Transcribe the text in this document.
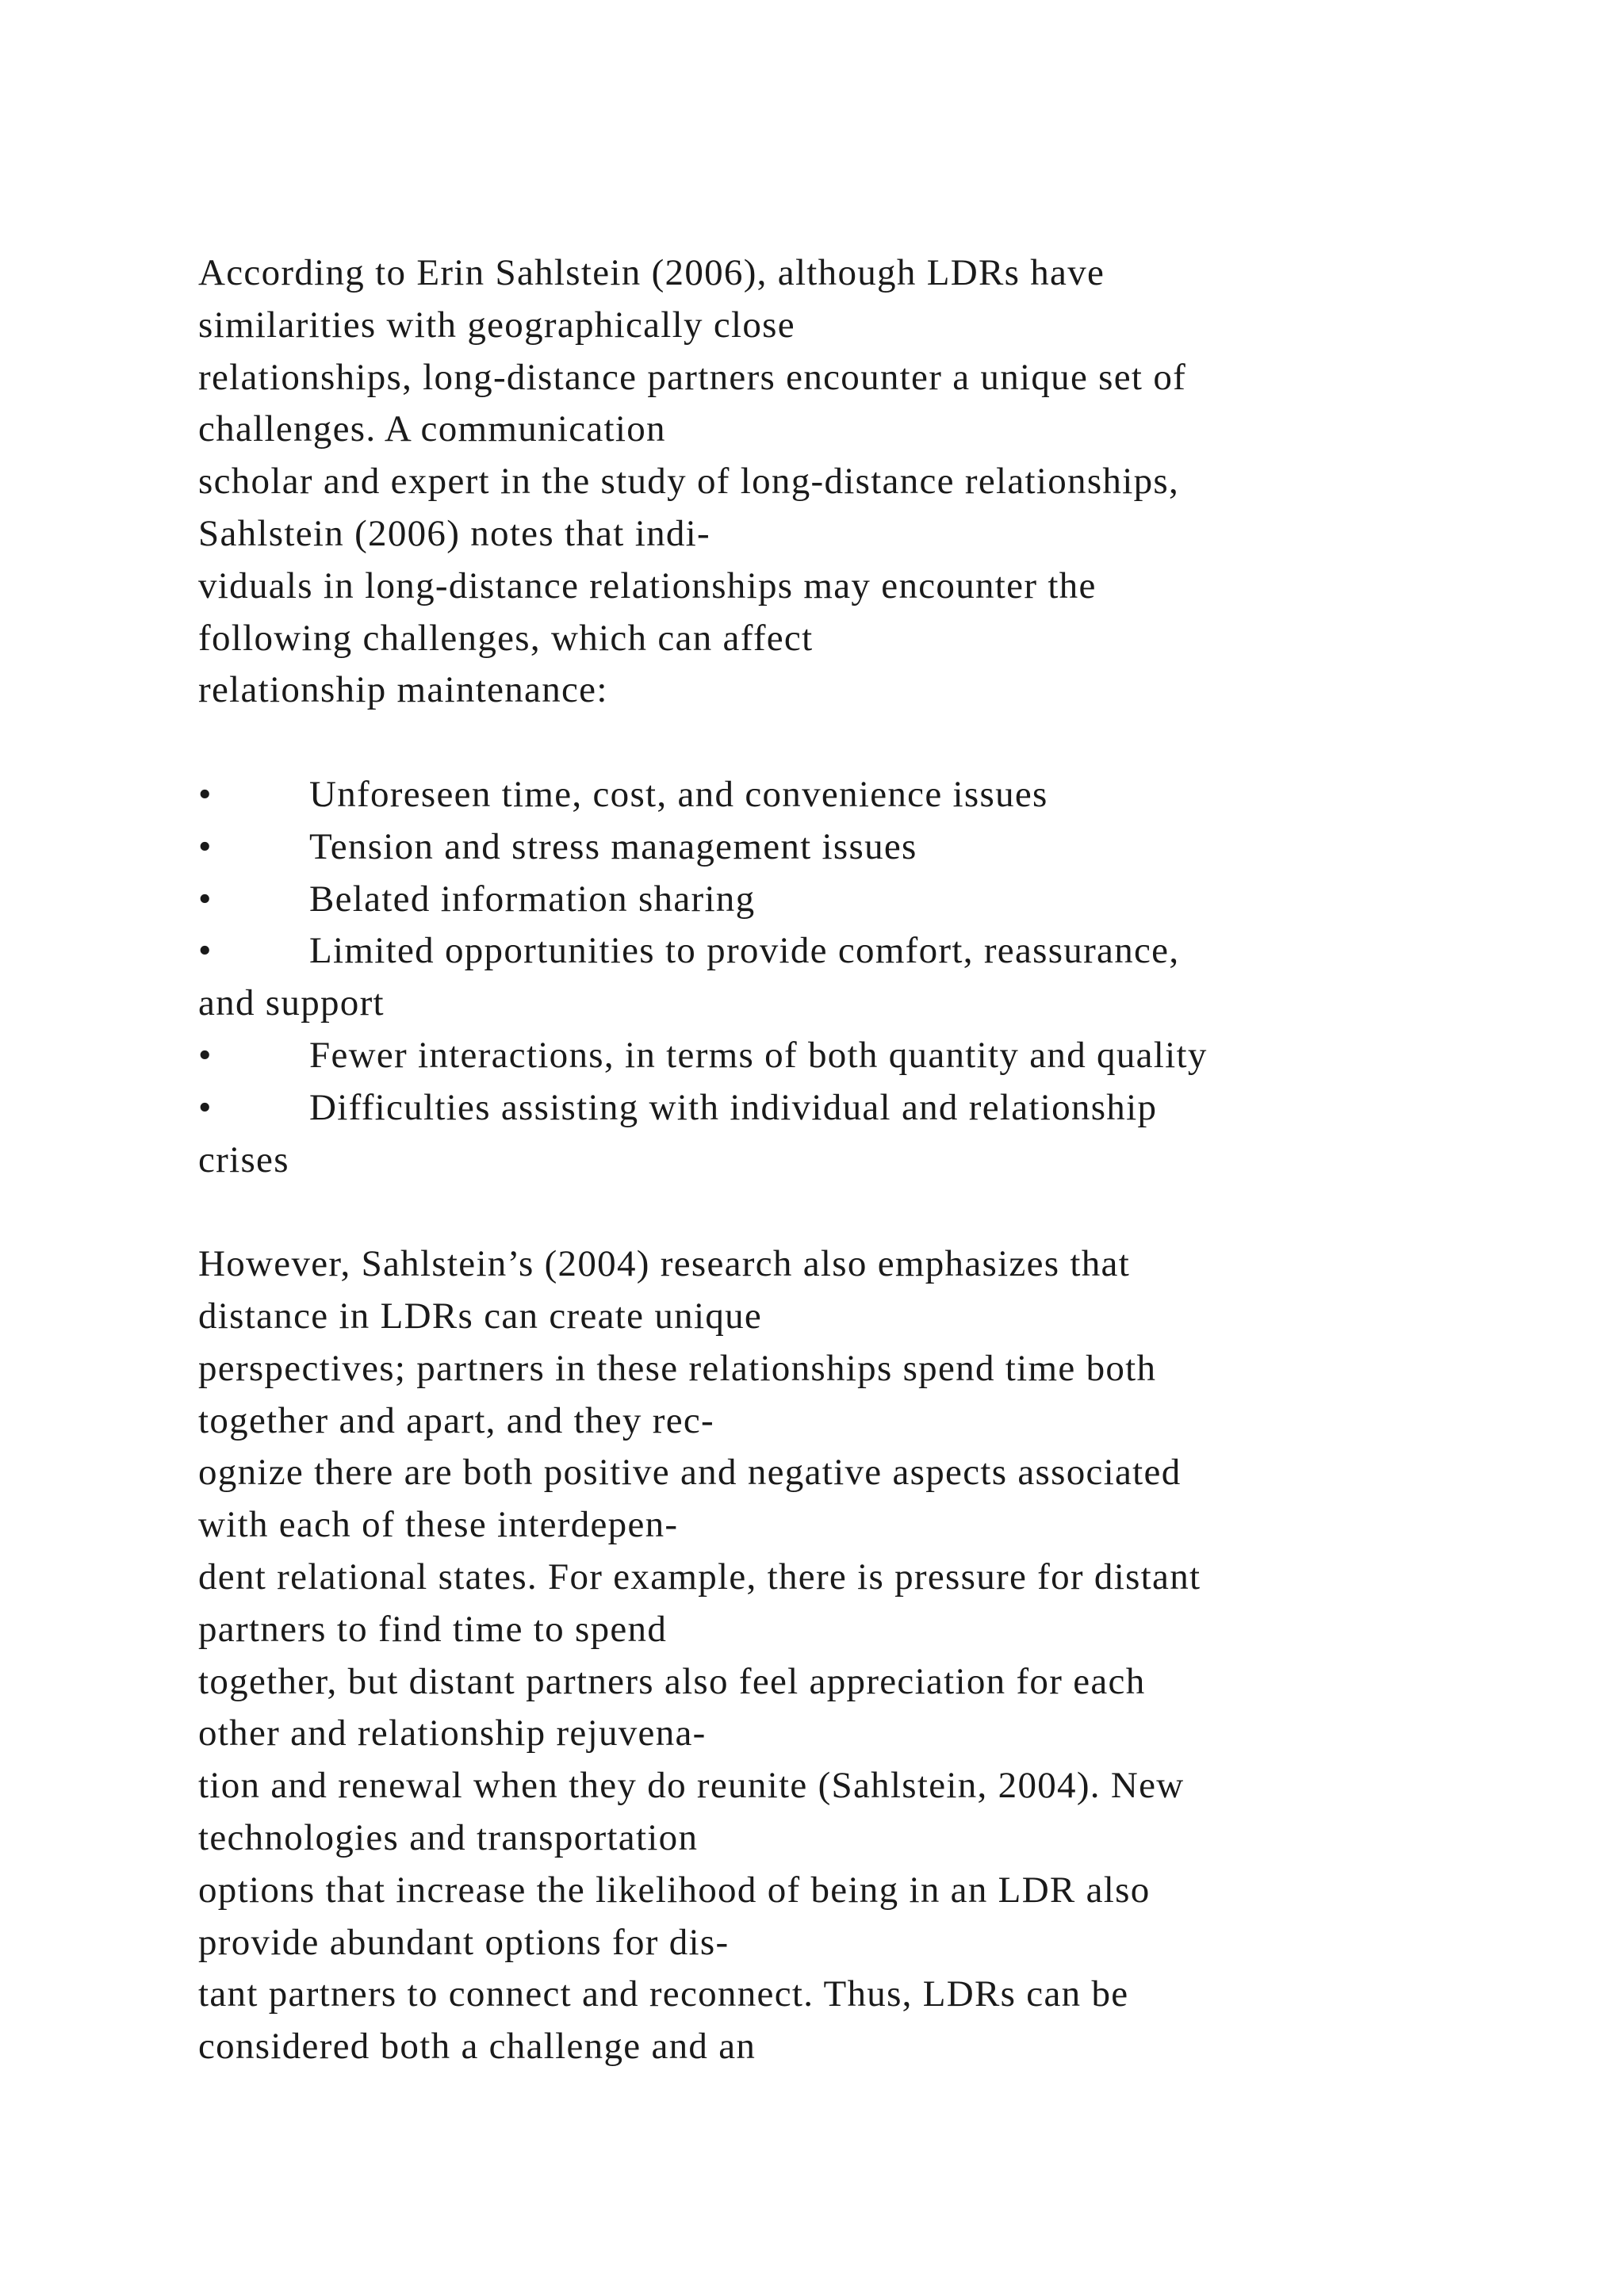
According to Erin Sahlstein (2006), although LDRs have
similarities with geographically close
relationships, long-distance partners encounter a unique set of
challenges. A communication
scholar and expert in the study of long-distance relationships,
Sahlstein (2006) notes that indi-
viduals in long-distance relationships may encounter the
following challenges, which can affect
relationship maintenance:
•	Unforeseen time, cost, and convenience issues
•	Tension and stress management issues
•	Belated information sharing
•	Limited opportunities to provide comfort, reassurance,
and support
•	Fewer interactions, in terms of both quantity and quality
•	Difficulties assisting with individual and relationship
crises
However, Sahlstein’s (2004) research also emphasizes that
distance in LDRs can create unique
perspectives; partners in these relationships spend time both
together and apart, and they rec-
ognize there are both positive and negative aspects associated
with each of these interdepen-
dent relational states. For example, there is pressure for distant
partners to find time to spend
together, but distant partners also feel appreciation for each
other and relationship rejuvena-
tion and renewal when they do reunite (Sahlstein, 2004). New
technologies and transportation
options that increase the likelihood of being in an LDR also
provide abundant options for dis-
tant partners to connect and reconnect. Thus, LDRs can be
considered both a challenge and an
